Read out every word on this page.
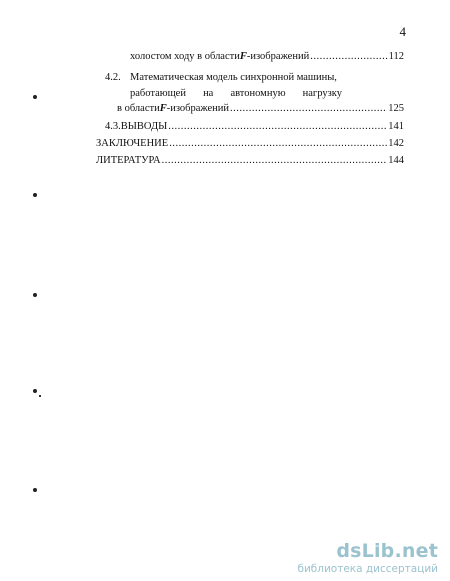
4
холостом ходу в области F -изображений .....	112
4.2. Математическая модель синхронной машины,
работающей на автономную нагрузку
в области F -изображений .....	125
4.3. ВЫВОДЫ .....	141
ЗАКЛЮЧЕНИЕ .....	142
ЛИТЕРАТУРА .....	144
dsLib.net
библиотека диссертаций
